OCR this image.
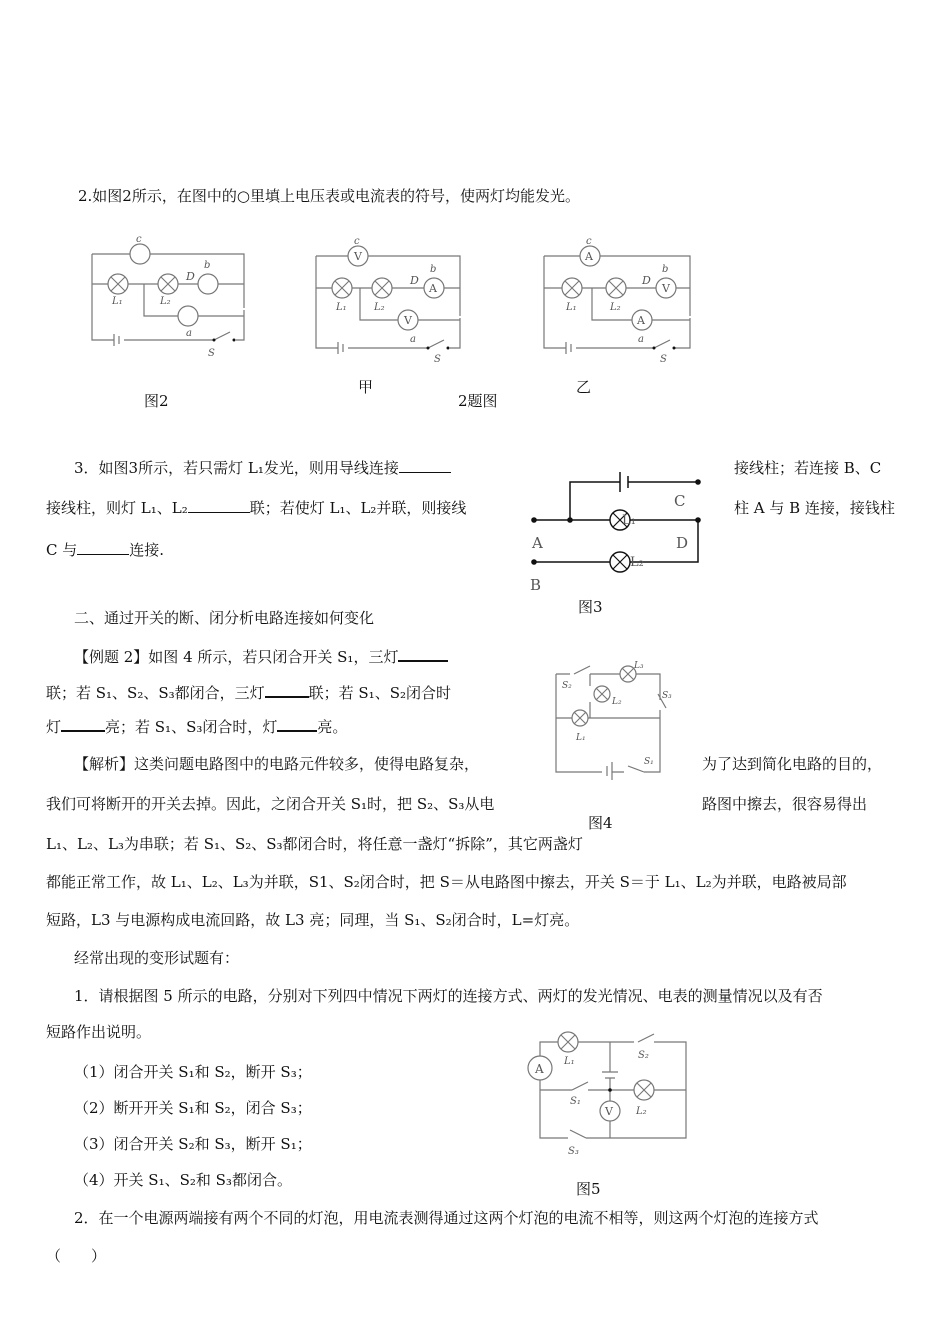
2.如图2所示，在图中的○里填上电压表或电流表的符号，使两灯均能发光。
c
b
D
L₁	L₂
a
S
V
A
V
c
b
D
L₁	L₂
a
S
A
V
A
c
b
D
L₁	L₂
a
S
图2
甲
2题图
乙
3．如图3所示，若只需灯 L₁发光，则用导线连接	接线柱；若连接 B、C
接线柱，则灯 L₁、L₂	联；若使灯 L₁、L₂并联，则接线	柱 A 与 B 连接，接钱柱
C 与	连接.
L₁
L₂
A
B
C
D
图3
二、通过开关的断、闭分析电路连接如何变化
【例题 2】如图 4 所示，若只闭合开关 S₁，三灯
联；若 S₁、S₂、S₃都闭合，三灯	联；若 S₁、S₂闭合时
灯	亮；若 S₁、S₃闭合时，灯	亮。
S₂
L₃
L₂
S₃
L₁
S₁
【解析】这类问题电路图中的电路元件较多，使得电路复杂，	为了达到简化电路的目的，
我们可将断开的开关去掉。因此，之闭合开关 S₁时，把 S₂、S₃从电	路图中擦去，很容易得出
图4
L₁、L₂、L₃为串联；若 S₁、S₂、S₃都闭合时，将任意一盏灯“拆除”，其它两盏灯
都能正常工作，故 L₁、L₂、L₃为并联，S1、S₂闭合时，把 S＝从电路图中擦去，开关 S＝于 L₁、L₂为并联，电路被局部
短路，L3 与电源构成电流回路，故 L3 亮；同理，当 S₁、S₂闭合时，L=灯亮。
经常出现的变形试题有：
1．请根据图 5 所示的电路，分别对下列四中情况下两灯的连接方式、两灯的发光情况、电表的测量情况以及有否
短路作出说明。
（1）闭合开关 S₁和 S₂，断开 S₃；
（2）断开开关 S₁和 S₂，闭合 S₃；
（3）闭合开关 S₂和 S₃，断开 S₁；
（4）开关 S₁、S₂和 S₃都闭合。
A
V
L₁
L₂
S₁
S₂
S₃
图5
2．在一个电源两端接有两个不同的灯泡，用电流表测得通过这两个灯泡的电流不相等，则这两个灯泡的连接方式
（　　）
